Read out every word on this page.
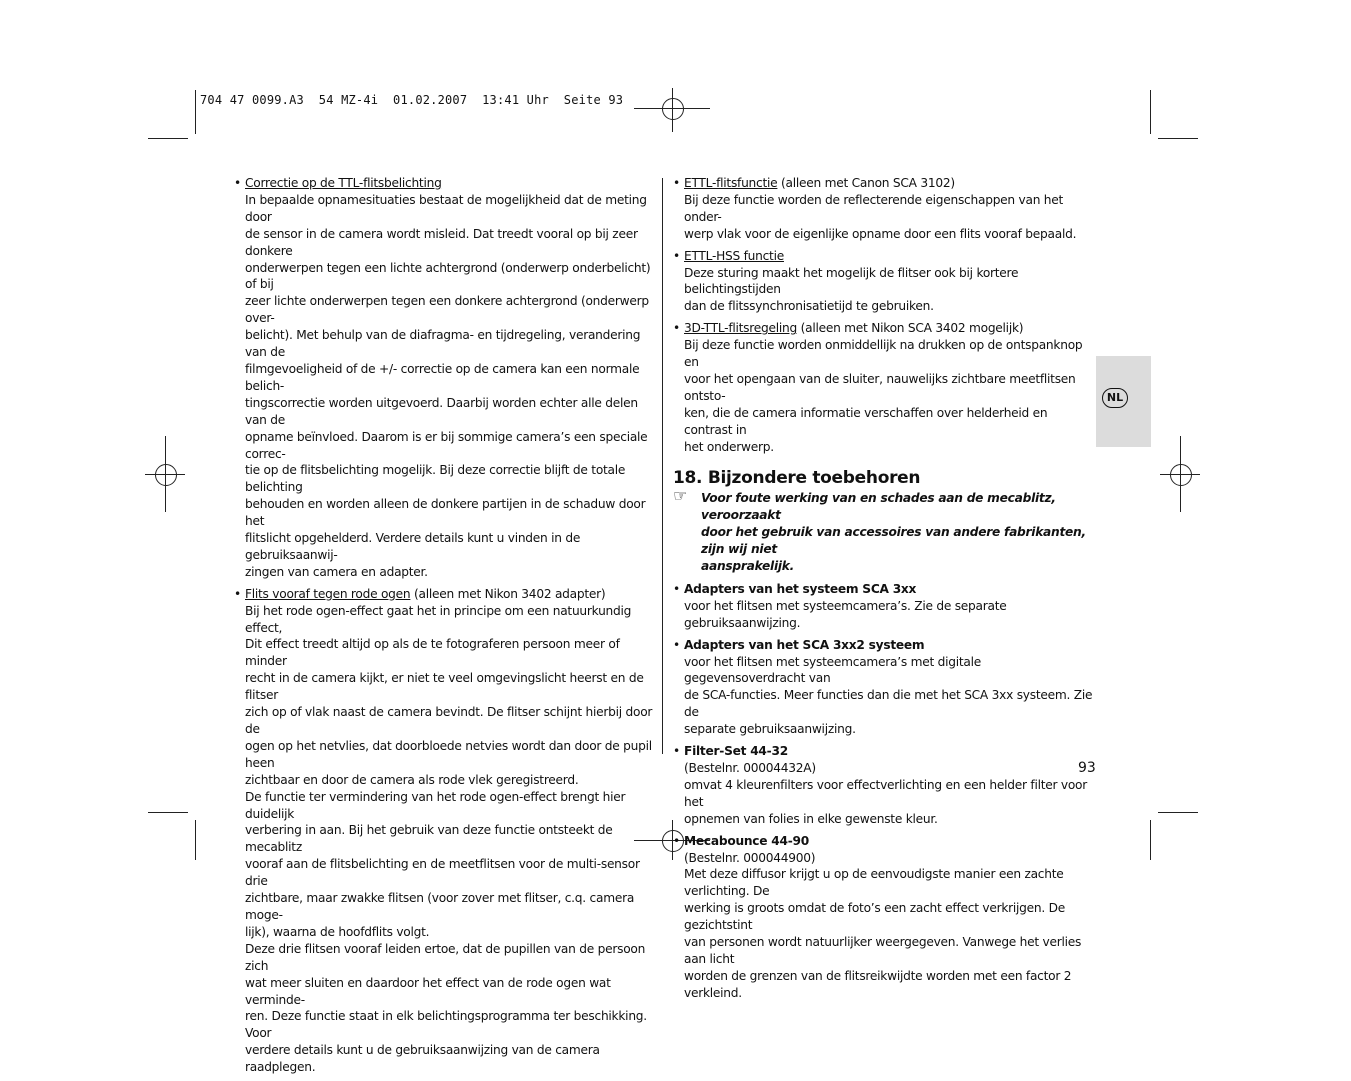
704 47 0099.A3  54 MZ-4i  01.02.2007  13:41 Uhr  Seite 93
• Correctie op de TTL-flitsbelichting

In bepaalde opnamesituaties bestaat de mogelijkheid dat de meting door

de sensor in de camera wordt misleid. Dat treedt vooral op bij zeer donkere

onderwerpen tegen een lichte achtergrond (onderwerp onderbelicht) of bij

zeer lichte onderwerpen tegen een donkere achtergrond (onderwerp over-

belicht). Met behulp van de diafragma- en tijdregeling, verandering van de

filmgevoeligheid of de +/- correctie op de camera kan een normale belich-

tingscorrectie worden uitgevoerd. Daarbij worden echter alle delen van de

opname beïnvloed. Daarom is er bij sommige camera’s een speciale correc-

tie op de flitsbelichting mogelijk. Bij deze correctie blijft de totale belichting

behouden en worden alleen de donkere partijen in de schaduw door het

flitslicht opgehelderd. Verdere details kunt u vinden in de gebruiksaanwij-

zingen van camera en adapter.

• Flits vooraf tegen rode ogen (alleen met Nikon 3402 adapter)

Bij het rode ogen-effect gaat het in principe om een natuurkundig effect,

Dit effect treedt altijd op als de te fotograferen persoon meer of minder

recht in de camera kijkt, er niet te veel omgevingslicht heerst en de flitser

zich op of vlak naast de camera bevindt. De flitser schijnt hierbij door de

ogen op het netvlies, dat doorbloede netvies wordt dan door de pupil heen

zichtbaar en door de camera als rode vlek geregistreerd.

De functie ter vermindering van het rode ogen-effect brengt hier duidelijk

verbering in aan. Bij het gebruik van deze functie ontsteekt de mecablitz

vooraf aan de flitsbelichting en de meetflitsen voor de multi-sensor drie

zichtbare, maar zwakke flitsen (voor zover met flitser, c.q. camera moge-

lijk), waarna de hoofdflits volgt.

Deze drie flitsen vooraf leiden ertoe, dat de pupillen van de persoon zich

wat meer sluiten en daardoor het effect van de rode ogen wat verminde-

ren. Deze functie staat in elk belichtingsprogramma ter beschikking. Voor

verdere details kunt u de gebruiksaanwijzing van de camera raadplegen.

• ETTL-flitsfunctie (alleen met Canon SCA 3102)

Bij deze functie worden de reflecterende eigenschappen van het onder-

werp vlak voor de eigenlijke opname door een flits vooraf bepaald.

• ETTL-HSS functie

Deze sturing maakt het mogelijk de flitser ook bij kortere belichtingstijden

dan de flitssynchronisatietijd te gebruiken.

• 3D-TTL-flitsregeling (alleen met Nikon SCA 3402 mogelijk)

Bij deze functie worden onmiddellijk na drukken op de ontspanknop en

voor het opengaan van de sluiter, nauwelijks zichtbare meetflitsen ontsto-

ken, die de camera informatie verschaffen over helderheid en contrast in

het onderwerp.

18. Bijzondere toebehoren
☞ Voor foute werking van en schades aan de mecablitz, veroorzaakt

door het gebruik van accessoires van andere fabrikanten, zijn wij niet

aansprakelijk.

• Adapters van het systeem SCA 3xx

voor het flitsen met systeemcamera’s. Zie de separate gebruiksaanwijzing.

• Adapters van het SCA 3xx2 systeem

voor het flitsen met systeemcamera’s met digitale gegevensoverdracht van

de SCA-functies. Meer functies dan die met het SCA 3xx systeem. Zie de

separate gebruiksaanwijzing.

• Filter-Set 44-32

(Bestelnr. 00004432A)

omvat 4 kleurenfilters voor effectverlichting en een helder filter voor het

opnemen van folies in elke gewenste kleur.

• Mecabounce 44-90

(Bestelnr. 000044900)

Met deze diffusor krijgt u op de eenvoudigste manier een zachte verlichting. De

werking is groots omdat de foto’s een zacht effect verkrijgen. De gezichtstint

van personen wordt natuurlijker weergegeven. Vanwege het verlies aan licht

worden de grenzen van de flitsreikwijdte worden met een factor 2 verkleind.

NL
93
